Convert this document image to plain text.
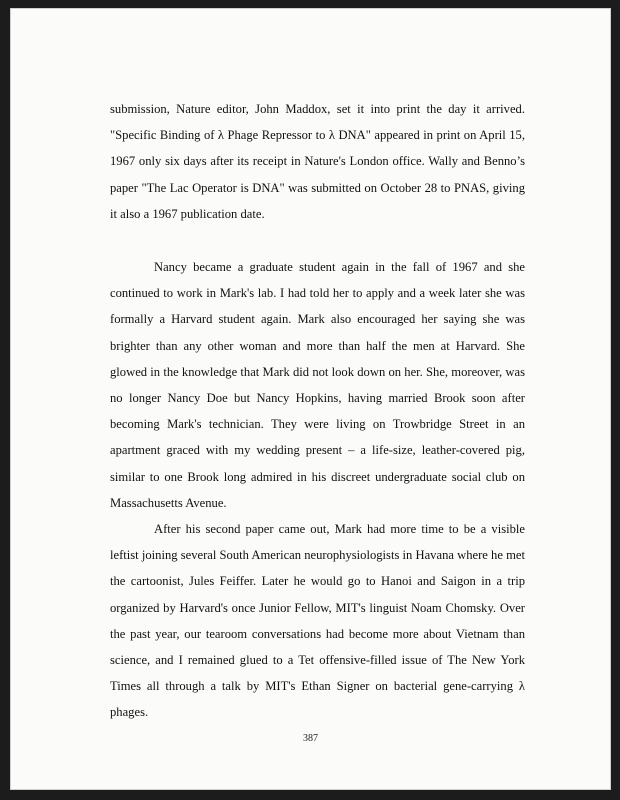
submission, Nature editor, John Maddox, set it into print the day it arrived. "Specific Binding of λ Phage Repressor to λ DNA" appeared in print on April 15, 1967 only six days after its receipt in Nature's London office. Wally and Benno’s paper "The Lac Operator is DNA" was submitted on October 28 to PNAS, giving it also a 1967 publication date.

Nancy became a graduate student again in the fall of 1967 and she continued to work in Mark's lab. I had told her to apply and a week later she was formally a Harvard student again. Mark also encouraged her saying she was brighter than any other woman and more than half the men at Harvard. She glowed in the knowledge that Mark did not look down on her. She, moreover, was no longer Nancy Doe but Nancy Hopkins, having married Brook soon after becoming Mark's technician. They were living on Trowbridge Street in an apartment graced with my wedding present – a life-size, leather-covered pig, similar to one Brook long admired in his discreet undergraduate social club on Massachusetts Avenue.

After his second paper came out, Mark had more time to be a visible leftist joining several South American neurophysiologists in Havana where he met the cartoonist, Jules Feiffer. Later he would go to Hanoi and Saigon in a trip organized by Harvard's once Junior Fellow, MIT's linguist Noam Chomsky. Over the past year, our tearoom conversations had become more about Vietnam than science, and I remained glued to a Tet offensive-filled issue of The New York Times all through a talk by MIT's Ethan Signer on bacterial gene-carrying λ phages.

387
